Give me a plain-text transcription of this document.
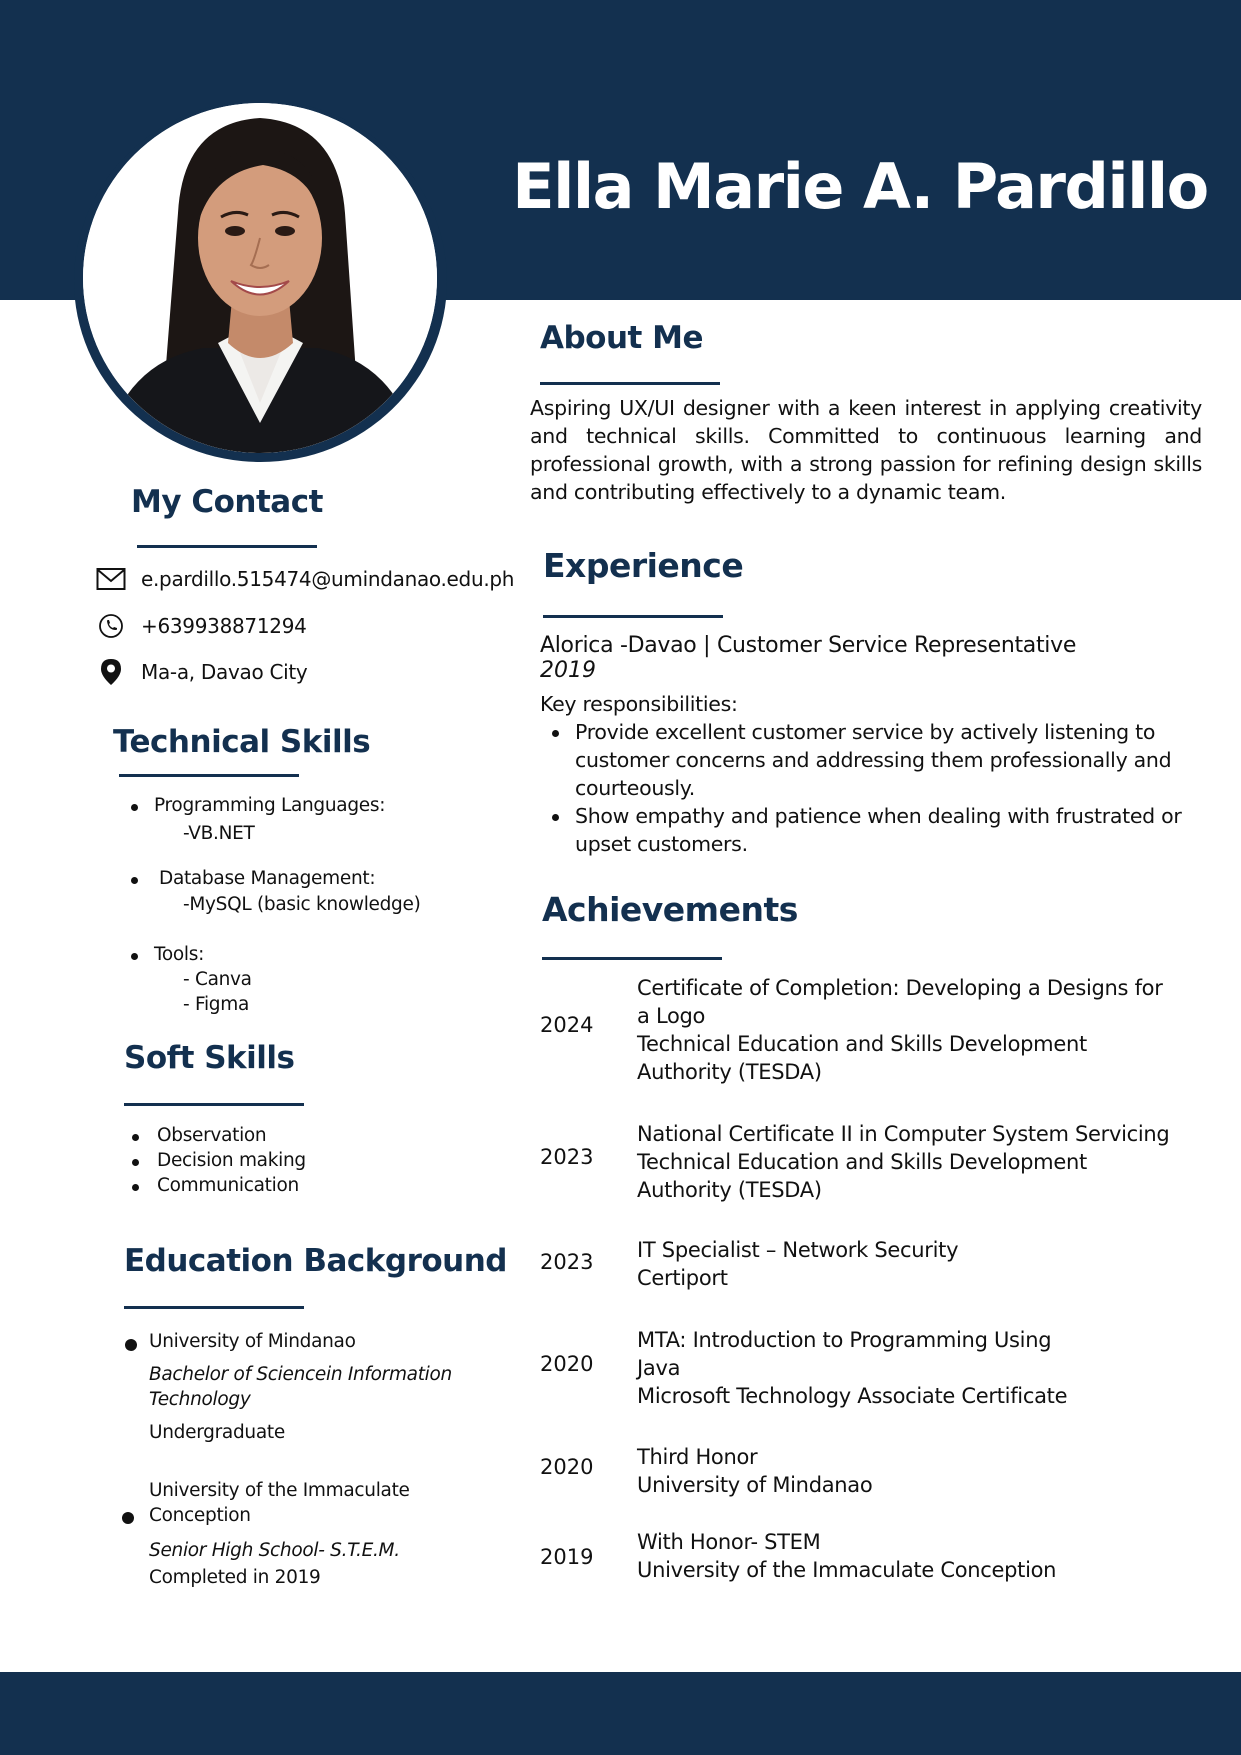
Ella Marie A. Pardillo
About Me
Aspiring UX/UI designer with a keen interest in applying creativity and technical skills. Committed to continuous learning and professional growth, with a strong passion for refining design skills and contributing effectively to a dynamic team.
My Contact
e.pardillo.515474@umindanao.edu.ph
+639938871294
Ma-a, Davao City
Technical Skills
Programming Languages:
-VB.NET
Database Management:
-MySQL (basic knowledge)
Tools:
- Canva
- Figma
Soft Skills
Observation
Decision making
Communication
Education Background
University of Mindanao
Bachelor of Sciencein Information Technology
Undergraduate
University of the Immaculate Conception
Senior High School- S.T.E.M.
Completed in 2019
Experience
Alorica -Davao | Customer Service Representative
2019
Key responsibilities:
Provide excellent customer service by actively listening to customer concerns and addressing them professionally and courteously.
Show empathy and patience when dealing with frustrated or upset customers.
Achievements
2024
Certificate of Completion: Developing a Designs for a Logo
Technical Education and Skills Development Authority (TESDA)
2023
National Certificate II in Computer System Servicing
Technical Education and Skills Development Authority (TESDA)
2023	IT Specialist – Network Security
Certiport
2020
MTA: Introduction to Programming Using Java
Microsoft Technology Associate Certificate
2020	Third Honor
University of Mindanao
2019
With Honor- STEM
University of the Immaculate Conception
